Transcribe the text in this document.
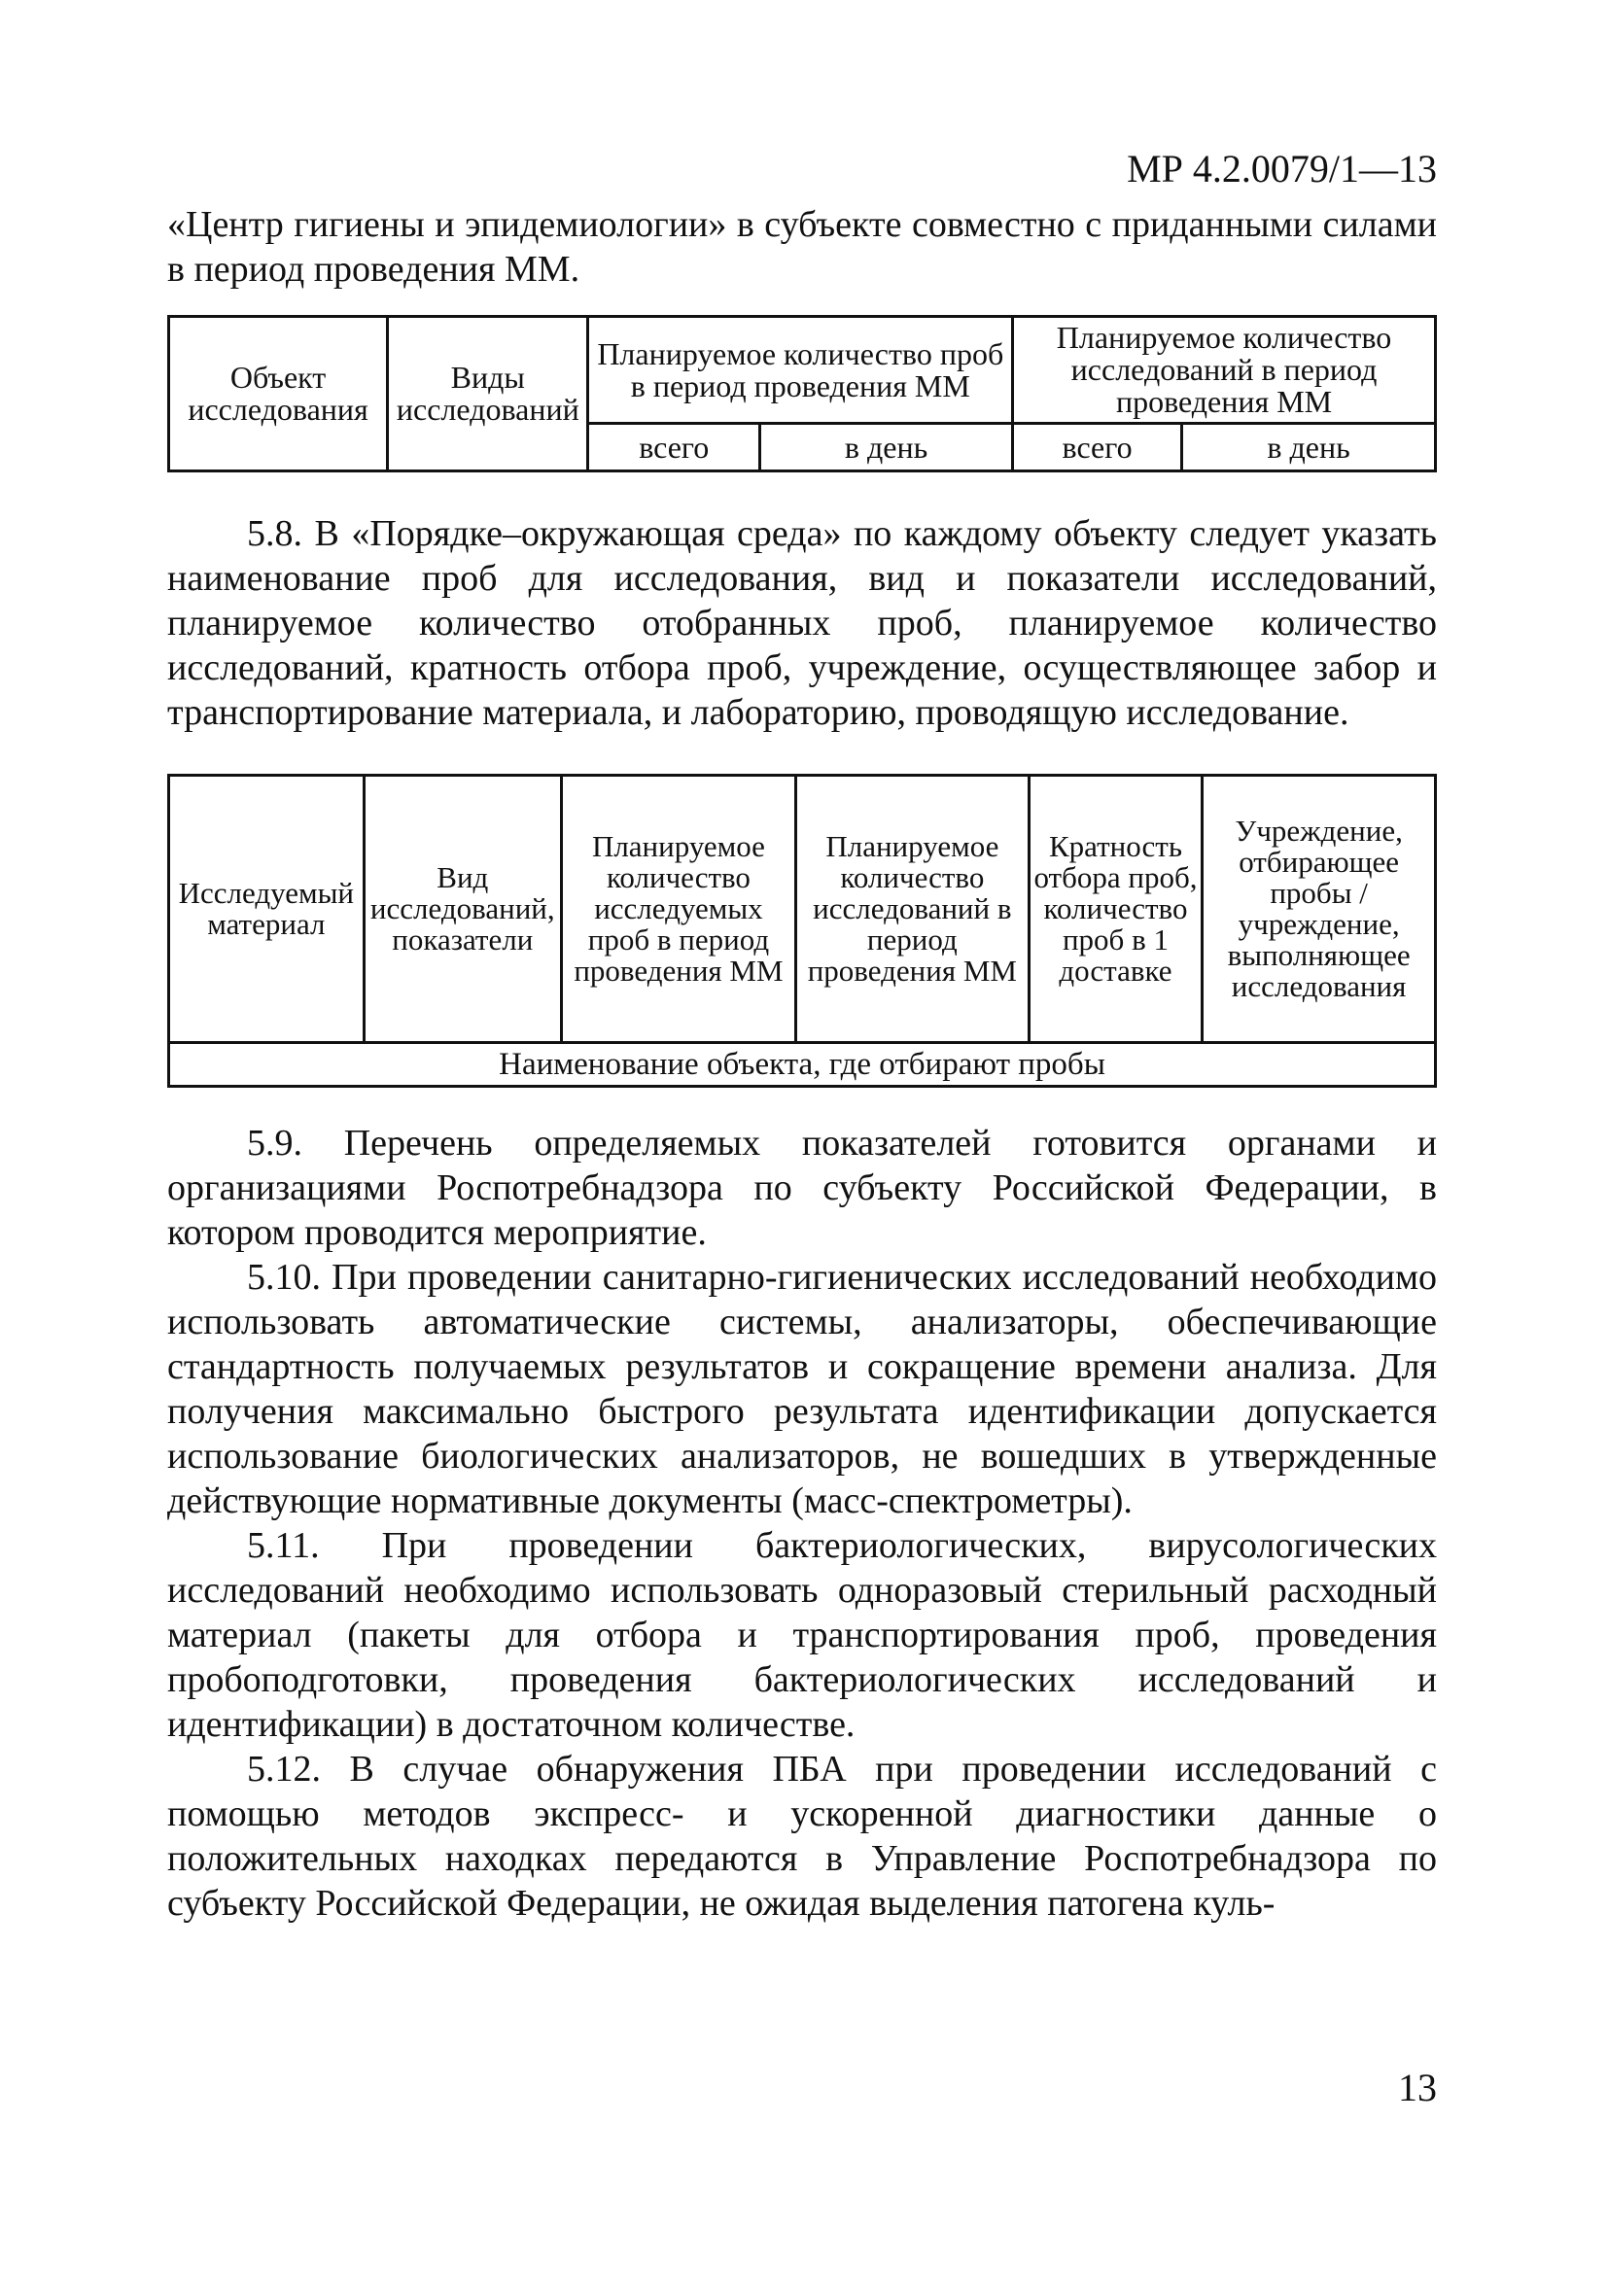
МР 4.2.0079/1—13

«Центр гигиены и эпидемиологии» в субъекте совместно с приданными силами в период проведения ММ.

Объект исследования	Виды исследований	Планируемое количество проб в период проведения ММ		Планируемое количество исследований в период проведения ММ	
		всего	в день	всего	в день

5.8. В «Порядке–окружающая среда» по каждому объекту следует указать наименование проб для исследования, вид и показатели исследований, планируемое количество отобранных проб, планируемое количество исследований, кратность отбора проб, учреждение, осуществляющее забор и транспортирование материала, и лабораторию, проводящую исследование.

Исследуемый материал	Вид исследований, показатели	Планируемое количество исследуемых проб в период проведения ММ	Планируемое количество исследований в период проведения ММ	Кратность отбора проб, количество проб в 1 доставке	Учреждение, отбирающее пробы / учреждение, выполняющее исследования
Наименование объекта, где отбирают пробы

5.9. Перечень определяемых показателей готовится органами и организациями Роспотребнадзора по субъекту Российской Федерации, в котором проводится мероприятие.

5.10. При проведении санитарно-гигиенических исследований необходимо использовать автоматические системы, анализаторы, обеспечивающие стандартность получаемых результатов и сокращение времени анализа. Для получения максимально быстрого результата идентификации допускается использование биологических анализаторов, не вошедших в утвержденные действующие нормативные документы (масс-спектрометры).

5.11. При проведении бактериологических, вирусологических исследований необходимо использовать одноразовый стерильный расходный материал (пакеты для отбора и транспортирования проб, проведения пробоподготовки, проведения бактериологических исследований и идентификации) в достаточном количестве.

5.12. В случае обнаружения ПБА при проведении исследований с помощью методов экспресс- и ускоренной диагностики данные о положительных находках передаются в Управление Роспотребнадзора по субъекту Российской Федерации, не ожидая выделения патогена куль-

13
